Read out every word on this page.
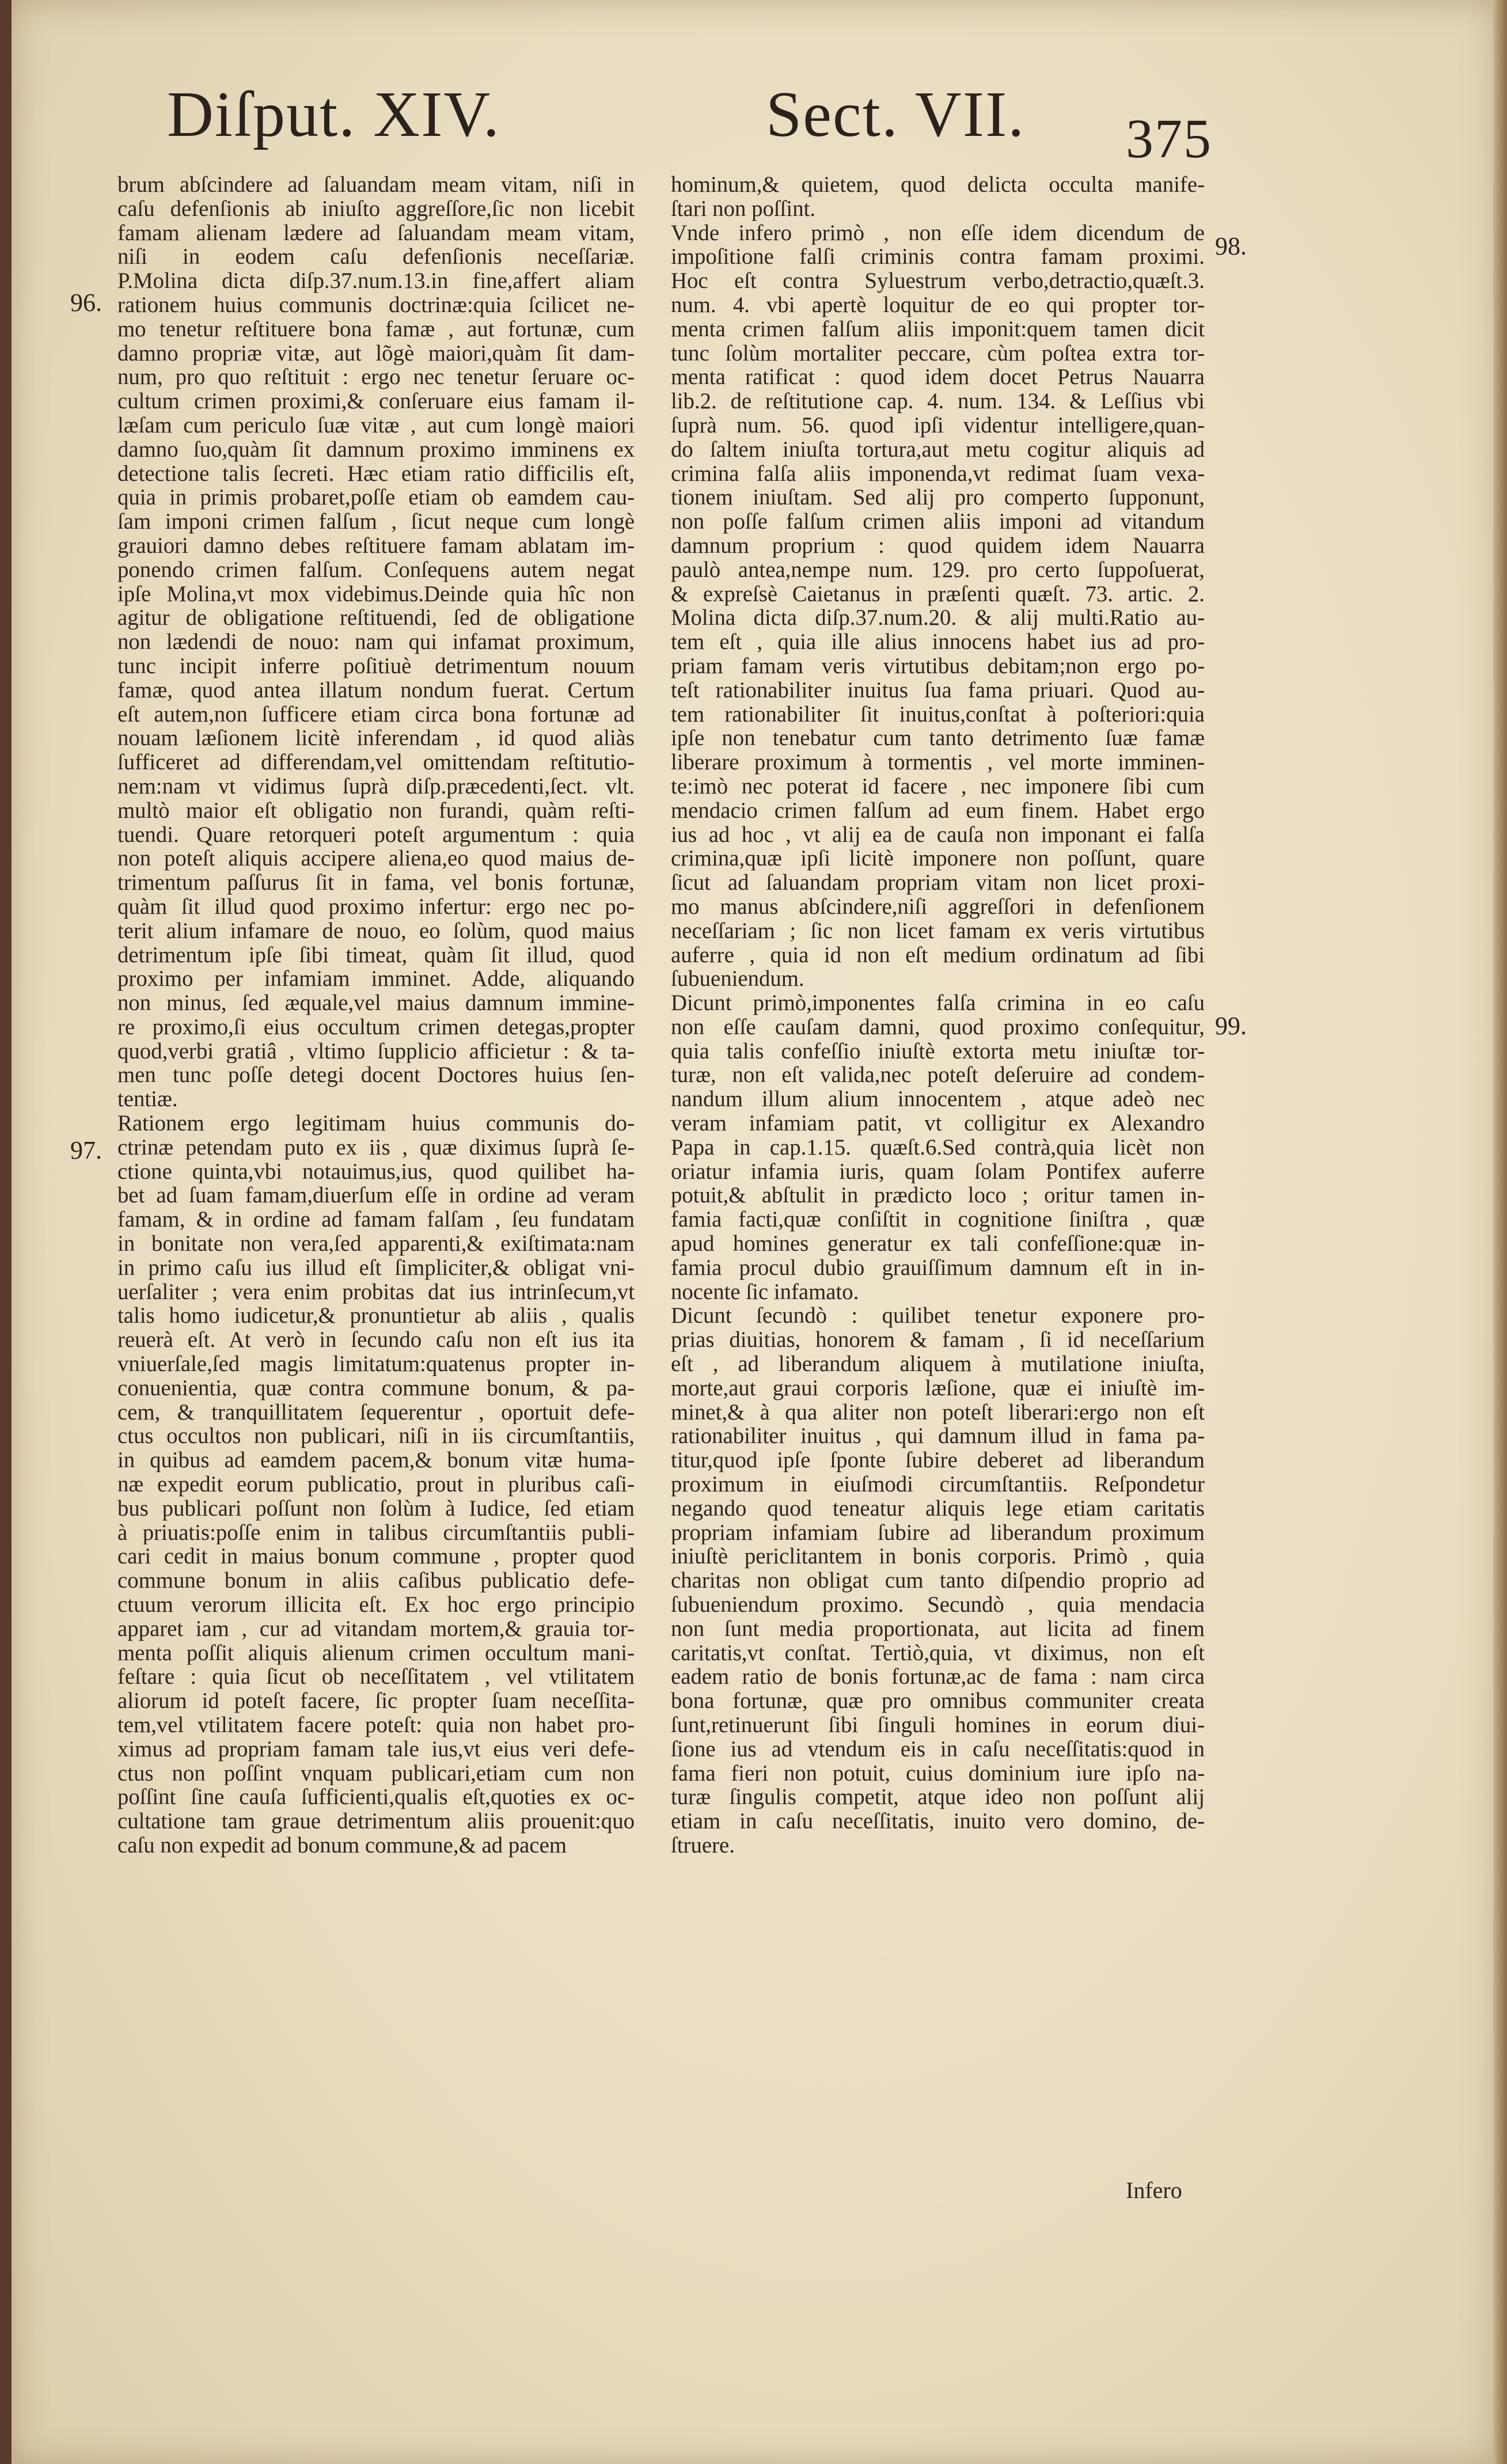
Diſput. XIV.	Sect. VII. 375
96.
97.
98.
99.
brum abſcindere ad ſaluandam meam vitam, niſi in
caſu defenſionis ab iniuſto aggreſſore,ſic non licebit
famam alienam lædere ad ſaluandam meam vitam,
niſi in eodem caſu defenſionis neceſſariæ.
P.Molina dicta diſp.37.num.13.in fine,affert aliam
rationem huius communis doctrinæ:quia ſcilicet ne-
mo tenetur reſtituere bona famæ , aut fortunæ, cum
damno propriæ vitæ, aut lõgè maiori,quàm ſit dam-
num, pro quo reſtituit : ergo nec tenetur ſeruare oc-
cultum crimen proximi,& conſeruare eius famam il-
læſam cum periculo ſuæ vitæ , aut cum longè maiori
damno ſuo,quàm ſit damnum proximo imminens ex
detectione talis ſecreti. Hæc etiam ratio difficilis eſt,
quia in primis probaret,poſſe etiam ob eamdem cau-
ſam imponi crimen falſum , ſicut neque cum longè
grauiori damno debes reſtituere famam ablatam im-
ponendo crimen falſum. Conſequens autem negat
ipſe Molina,vt mox videbimus.Deinde quia hîc non
agitur de obligatione reſtituendi, ſed de obligatione
non lædendi de nouo: nam qui infamat proximum,
tunc incipit inferre poſitiuè detrimentum nouum
famæ, quod antea illatum nondum fuerat. Certum
eſt autem,non ſufficere etiam circa bona fortunæ ad
nouam læſionem licitè inferendam , id quod aliàs
ſufficeret ad differendam,vel omittendam reſtitutio-
nem:nam vt vidimus ſuprà diſp.præcedenti,ſect. vlt.
multò maior eſt obligatio non furandi, quàm reſti-
tuendi. Quare retorqueri poteſt argumentum : quia
non poteſt aliquis accipere aliena,eo quod maius de-
trimentum paſſurus ſit in fama, vel bonis fortunæ,
quàm ſit illud quod proximo infertur: ergo nec po-
terit alium infamare de nouo, eo ſolùm, quod maius
detrimentum ipſe ſibi timeat, quàm ſit illud, quod
proximo per infamiam imminet. Adde, aliquando
non minus, ſed æquale,vel maius damnum immine-
re proximo,ſi eius occultum crimen detegas,propter
quod,verbi gratiâ , vltimo ſupplicio afficietur : & ta-
men tunc poſſe detegi docent Doctores huius ſen-
tentiæ.
Rationem ergo legitimam huius communis do-
ctrinæ petendam puto ex iis , quæ diximus ſuprà ſe-
ctione quinta,vbi notauimus,ius, quod quilibet ha-
bet ad ſuam famam,diuerſum eſſe in ordine ad veram
famam, & in ordine ad famam falſam , ſeu fundatam
in bonitate non vera,ſed apparenti,& exiſtimata:nam
in primo caſu ius illud eſt ſimpliciter,& obligat vni-
uerſaliter ; vera enim probitas dat ius intrinſecum,vt
talis homo iudicetur,& pronuntietur ab aliis , qualis
reuerà eſt. At verò in ſecundo caſu non eſt ius ita
vniuerſale,ſed magis limitatum:quatenus propter in-
conuenientia, quæ contra commune bonum, & pa-
cem, & tranquillitatem ſequerentur , oportuit defe-
ctus occultos non publicari, niſi in iis circumſtantiis,
in quibus ad eamdem pacem,& bonum vitæ huma-
næ expedit eorum publicatio, prout in pluribus caſi-
bus publicari poſſunt non ſolùm à Iudice, ſed etiam
à priuatis:poſſe enim in talibus circumſtantiis publi-
cari cedit in maius bonum commune , propter quod
commune bonum in aliis caſibus publicatio defe-
ctuum verorum illicita eſt. Ex hoc ergo principio
apparet iam , cur ad vitandam mortem,& grauia tor-
menta poſſit aliquis alienum crimen occultum mani-
feſtare : quia ſicut ob neceſſitatem , vel vtilitatem
aliorum id poteſt facere, ſic propter ſuam neceſſita-
tem,vel vtilitatem facere poteſt: quia non habet pro-
ximus ad propriam famam tale ius,vt eius veri defe-
ctus non poſſint vnquam publicari,etiam cum non
poſſint ſine cauſa ſufficienti,qualis eſt,quoties ex oc-
cultatione tam graue detrimentum aliis prouenit:quo
caſu non expedit ad bonum commune,& ad pacem
hominum,& quietem, quod delicta occulta manife-
ſtari non poſſint.
Vnde infero primò , non eſſe idem dicendum de
impoſitione falſi criminis contra famam proximi.
Hoc eſt contra Syluestrum verbo,detractio,quæſt.3.
num. 4. vbi apertè loquitur de eo qui propter tor-
menta crimen falſum aliis imponit:quem tamen dicit
tunc ſolùm mortaliter peccare, cùm poſtea extra tor-
menta ratificat : quod idem docet Petrus Nauarra
lib.2. de reſtitutione cap. 4. num. 134. & Leſſius vbi
ſuprà num. 56. quod ipſi videntur intelligere,quan-
do ſaltem iniuſta tortura,aut metu cogitur aliquis ad
crimina falſa aliis imponenda,vt redimat ſuam vexa-
tionem iniuſtam. Sed alij pro comperto ſupponunt,
non poſſe falſum crimen aliis imponi ad vitandum
damnum proprium : quod quidem idem Nauarra
paulò antea,nempe num. 129. pro certo ſuppoſuerat,
& expreſsè Caietanus in præſenti quæſt. 73. artic. 2.
Molina dicta diſp.37.num.20. & alij multi.Ratio au-
tem eſt , quia ille alius innocens habet ius ad pro-
priam famam veris virtutibus debitam;non ergo po-
teſt rationabiliter inuitus ſua fama priuari. Quod au-
tem rationabiliter ſit inuitus,conſtat à poſteriori:quia
ipſe non tenebatur cum tanto detrimento ſuæ famæ
liberare proximum à tormentis , vel morte imminen-
te:imò nec poterat id facere , nec imponere ſibi cum
mendacio crimen falſum ad eum finem. Habet ergo
ius ad hoc , vt alij ea de cauſa non imponant ei falſa
crimina,quæ ipſi licitè imponere non poſſunt, quare
ſicut ad ſaluandam propriam vitam non licet proxi-
mo manus abſcindere,niſi aggreſſori in defenſionem
neceſſariam ; ſic non licet famam ex veris virtutibus
auferre , quia id non eſt medium ordinatum ad ſibi
ſubueniendum.
Dicunt primò,imponentes falſa crimina in eo caſu
non eſſe cauſam damni, quod proximo conſequitur,
quia talis confeſſio iniuſtè extorta metu iniuſtæ tor-
turæ, non eſt valida,nec poteſt deſeruire ad condem-
nandum illum alium innocentem , atque adeò nec
veram infamiam patit, vt colligitur ex Alexandro
Papa in cap.1.15. quæſt.6.Sed contrà,quia licèt non
oriatur infamia iuris, quam ſolam Pontifex auferre
potuit,& abſtulit in prædicto loco ; oritur tamen in-
famia facti,quæ conſiſtit in cognitione ſiniſtra , quæ
apud homines generatur ex tali confeſſione:quæ in-
famia procul dubio grauiſſimum damnum eſt in in-
nocente ſic infamato.
Dicunt ſecundò : quilibet tenetur exponere pro-
prias diuitias, honorem & famam , ſi id neceſſarium
eſt , ad liberandum aliquem à mutilatione iniuſta,
morte,aut graui corporis læſione, quæ ei iniuſtè im-
minet,& à qua aliter non poteſt liberari:ergo non eſt
rationabiliter inuitus , qui damnum illud in fama pa-
titur,quod ipſe ſponte ſubire deberet ad liberandum
proximum in eiuſmodi circumſtantiis. Reſpondetur
negando quod teneatur aliquis lege etiam caritatis
propriam infamiam ſubire ad liberandum proximum
iniuſtè periclitantem in bonis corporis. Primò , quia
charitas non obligat cum tanto diſpendio proprio ad
ſubueniendum proximo. Secundò , quia mendacia
non ſunt media proportionata, aut licita ad finem
caritatis,vt conſtat. Tertiò,quia, vt diximus, non eſt
eadem ratio de bonis fortunæ,ac de fama : nam circa
bona fortunæ, quæ pro omnibus communiter creata
ſunt,retinuerunt ſibi ſinguli homines in eorum diui-
ſione ius ad vtendum eis in caſu neceſſitatis:quod in
fama fieri non potuit, cuius dominium iure ipſo na-
turæ ſingulis competit, atque ideo non poſſunt alij
etiam in caſu neceſſitatis, inuito vero domino, de-
ſtruere.
Infero
